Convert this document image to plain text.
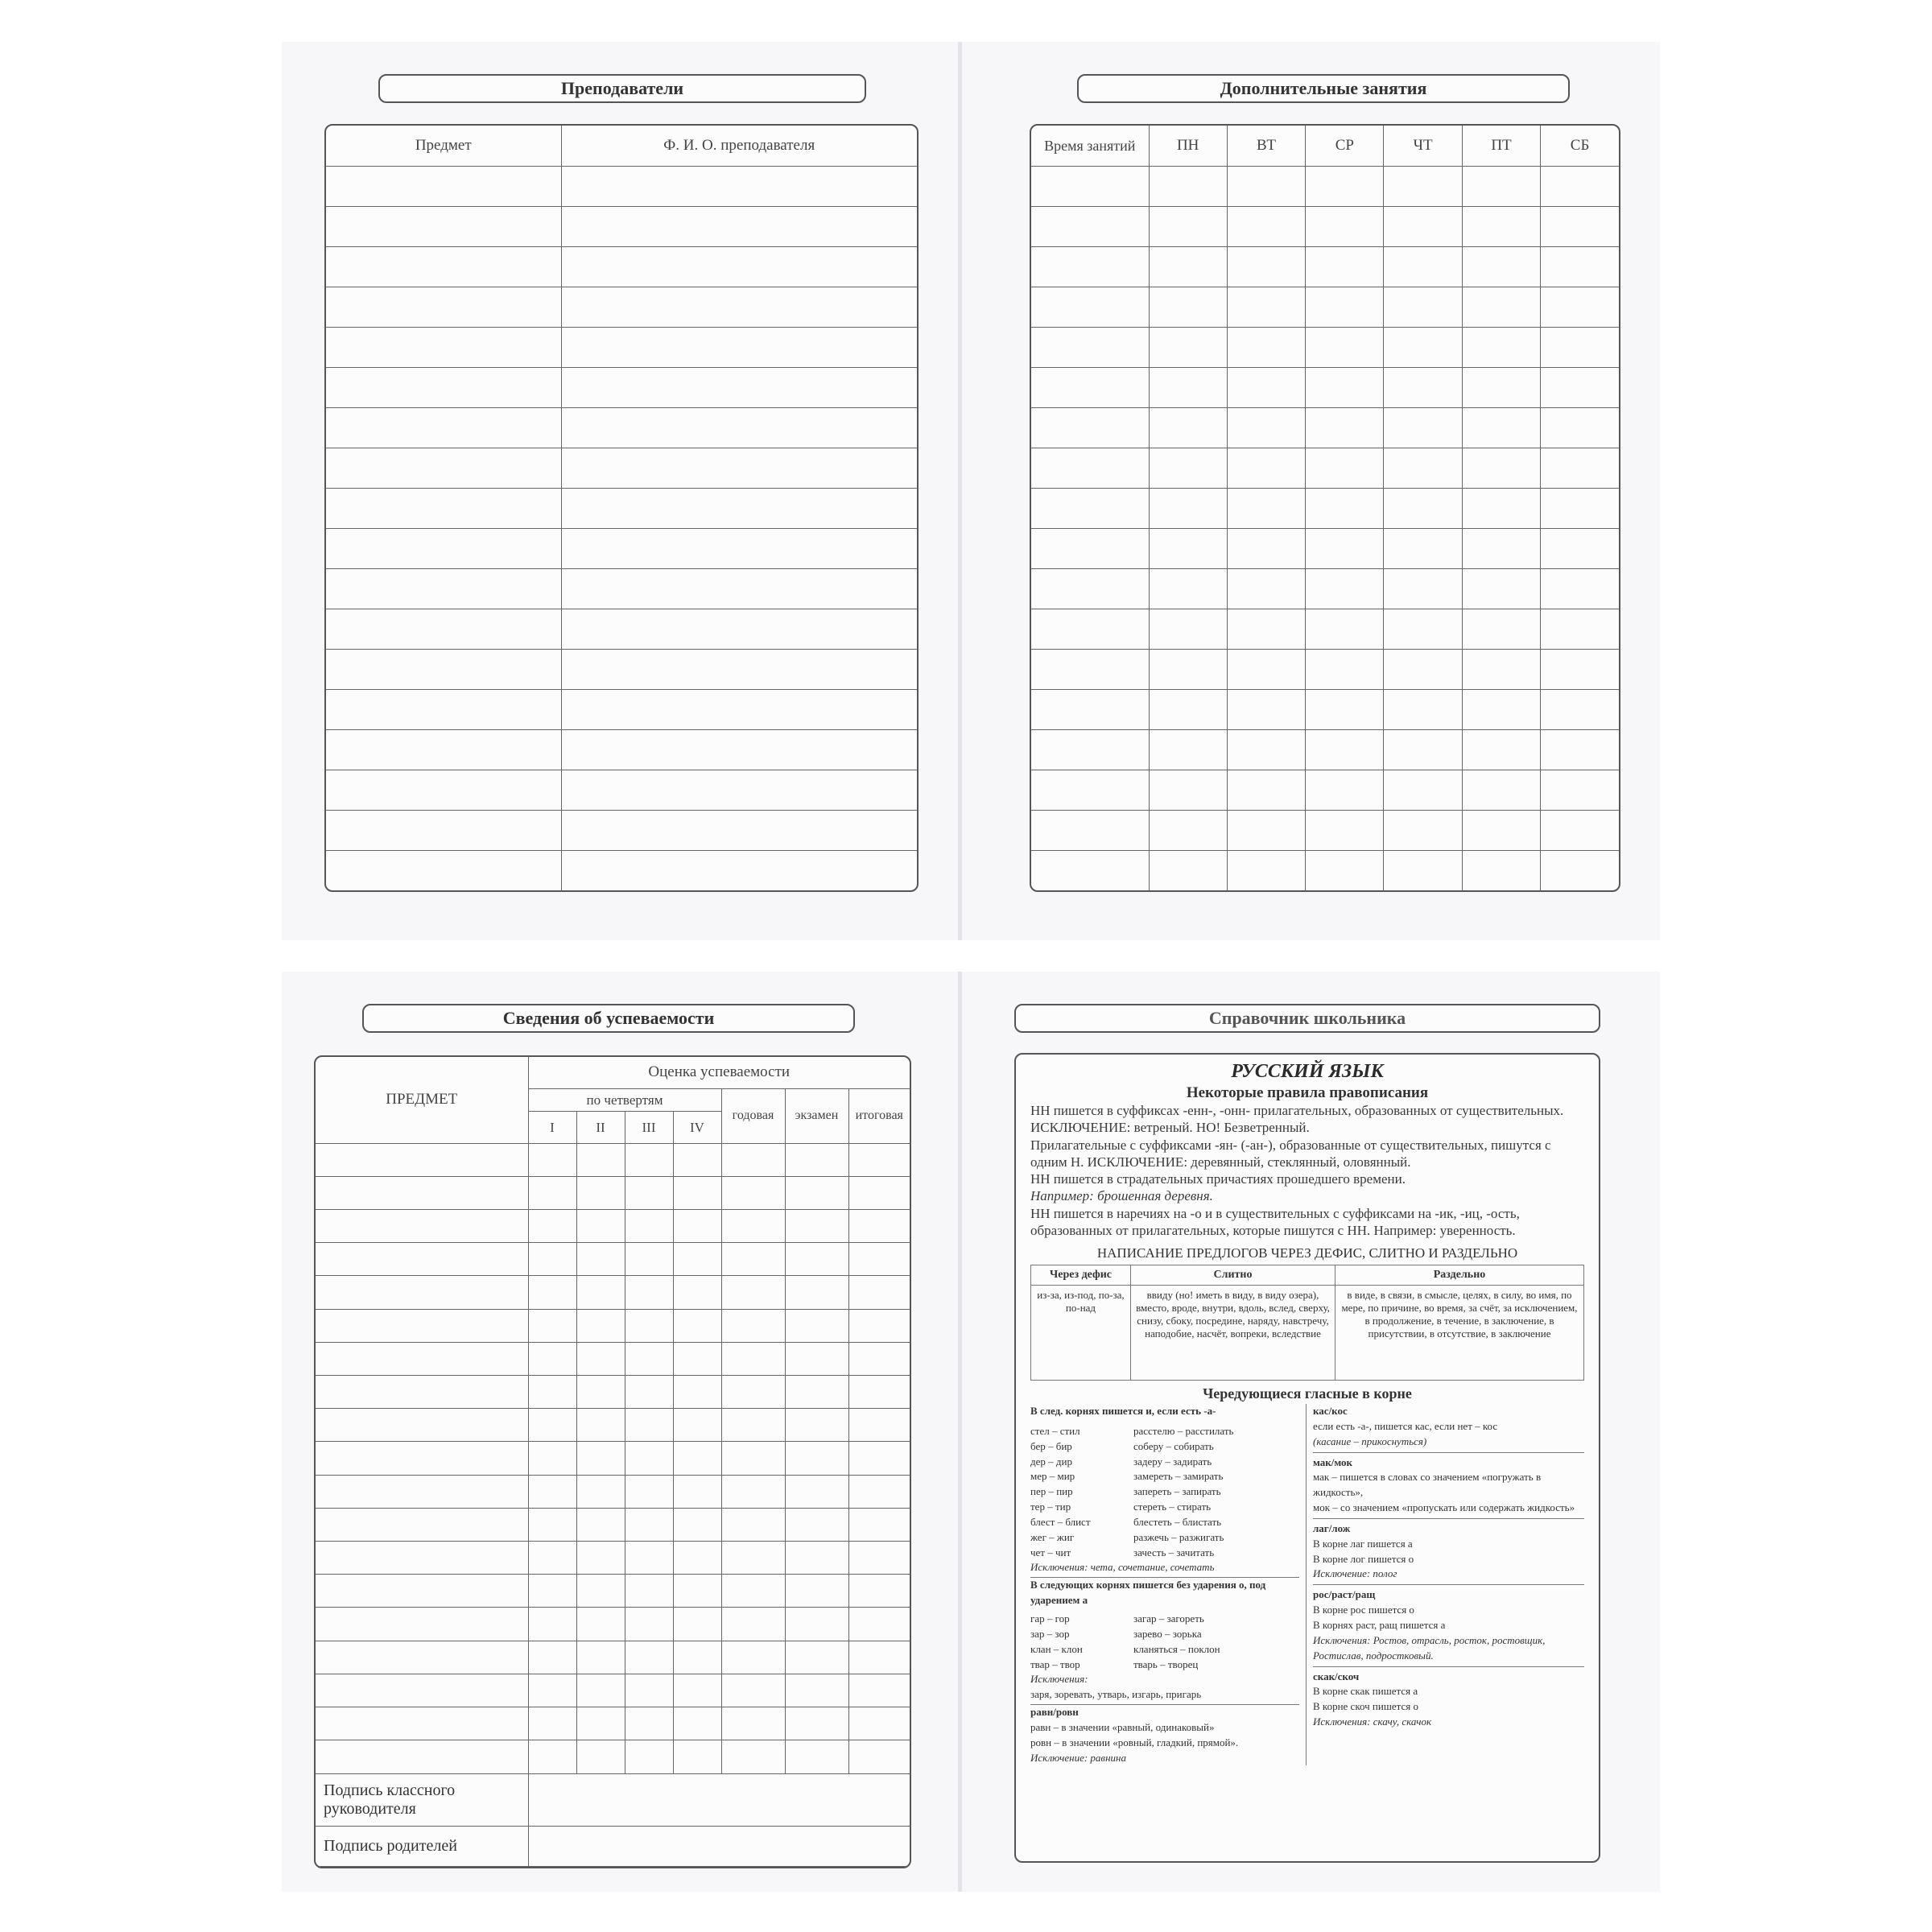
Преподаватели
Предмет	Ф. И. О. преподавателя

Дополнительные занятия
Время занятий	ПН	ВТ	СР	ЧТ	ПТ	СБ

Сведения об успеваемости
ПРЕДМЕТ	Оценка успеваемости						
	по четвертям				годовая	экзамен	итоговая
	I	II	III	IV			

Подпись классного руководителя							
Подпись родителей							
Справочник школьника
РУССКИЙ ЯЗЫК
Некоторые правила правописания
НН пишется в суффиксах -енн-, -онн- прилагательных, образованных от существительных. ИСКЛЮЧЕНИЕ: ветреный. НО! Безветренный.
Прилагательные с суффиксами -ян- (-ан-), образованные от существительных, пишутся с одним Н. ИСКЛЮЧЕНИЕ: деревянный, стеклянный, оловянный.
НН пишется в страдательных причастиях прошедшего времени.
Например: брошенная деревня.
НН пишется в наречиях на -о и в существительных с суффиксами на -ик, -иц, -ость, образованных от прилагательных, которые пишутся с НН. Например: уверенность.
НАПИСАНИЕ ПРЕДЛОГОВ ЧЕРЕЗ ДЕФИС, СЛИТНО И РАЗДЕЛЬНО
Через дефис	Слитно	Раздельно
из-за, из-под, по-за, по-над	ввиду (но! иметь в виду, в виду озера), вместо, вроде, внутри, вдоль, вслед, сверху, снизу, сбоку, посредине, наряду, навстречу, наподобие, насчёт, вопреки, вследствие	в виде, в связи, в смысле, целях, в силу, во имя, по мере, по причине, во время, за счёт, за исключением, в продолжение, в течение, в заключение, в присутствии, в отсутствие, в заключение
Чередующиеся гласные в корне
В след. корнях пишется и, если есть -а-
стел – стил	расстелю – расстилать
бер – бир	соберу – собирать
дер – дир	задеру – задирать
мер – мир	замереть – замирать
пер – пир	запереть – запирать
тер – тир	стереть – стирать
блест – блист	блестеть – блистать
жег – жиг	разжечь – разжигать
чет – чит	зачесть – зачитать
Исключения: чета, сочетание, сочетать
В следующих корнях пишется без ударения о, под ударением а
гар – гор	загар – загореть
зар – зор	зарево – зорька
клан – клон	кланяться – поклон
твар – твор	тварь – творец
Исключения:
заря, зоревать, утварь, изгарь, пригарь
равн/ровн
равн – в значении «равный, одинаковый»
ровн – в значении «ровный, гладкий, прямой».
Исключение: равнина
кас/кос
если есть -а-, пишется кас, если нет – кос
(касание – прикоснуться)
мак/мок
мак – пишется в словах со значением «погружать в жидкость»,
мок – со значением «пропускать или содержать жидкость»
лаг/лож
В корне лаг пишется а
В корне лог пишется о
Исключение: полог
рос/раст/ращ
В корне рос пишется о
В корнях раст, ращ пишется а
Исключения: Ростов, отрасль, росток, ростовщик, Ростислав, подростковый.
скак/скоч
В корне скак пишется а
В корне скоч пишется о
Исключения: скачу, скачок
